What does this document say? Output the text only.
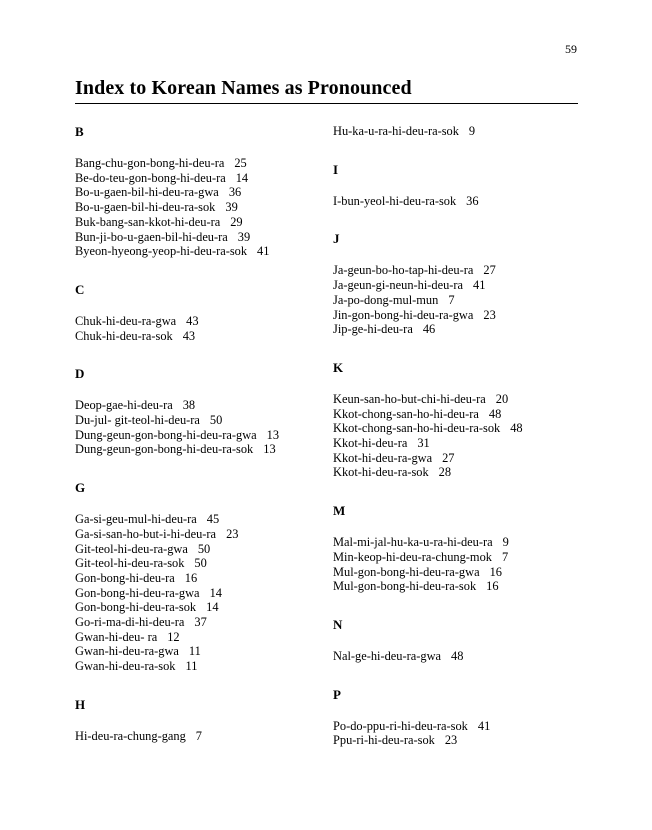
59
Index to Korean Names as Pronounced
B
Bang-chu-gon-bong-hi-deu-ra 25
Be-do-teu-gon-bong-hi-deu-ra 14
Bo-u-gaen-bil-hi-deu-ra-gwa 36
Bo-u-gaen-bil-hi-deu-ra-sok 39
Buk-bang-san-kkot-hi-deu-ra 29
Bun-ji-bo-u-gaen-bil-hi-deu-ra 39
Byeon-hyeong-yeop-hi-deu-ra-sok 41
C
Chuk-hi-deu-ra-gwa 43
Chuk-hi-deu-ra-sok 43
D
Deop-gae-hi-deu-ra 38
Du-jul- git-teol-hi-deu-ra 50
Dung-geun-gon-bong-hi-deu-ra-gwa 13
Dung-geun-gon-bong-hi-deu-ra-sok 13
G
Ga-si-geu-mul-hi-deu-ra 45
Ga-si-san-ho-but-i-hi-deu-ra 23
Git-teol-hi-deu-ra-gwa 50
Git-teol-hi-deu-ra-sok 50
Gon-bong-hi-deu-ra 16
Gon-bong-hi-deu-ra-gwa 14
Gon-bong-hi-deu-ra-sok 14
Go-ri-ma-di-hi-deu-ra 37
Gwan-hi-deu- ra 12
Gwan-hi-deu-ra-gwa 11
Gwan-hi-deu-ra-sok 11
H
Hi-deu-ra-chung-gang 7
Hu-ka-u-ra-hi-deu-ra-sok 9
I
I-bun-yeol-hi-deu-ra-sok 36
J
Ja-geun-bo-ho-tap-hi-deu-ra 27
Ja-geun-gi-neun-hi-deu-ra 41
Ja-po-dong-mul-mun 7
Jin-gon-bong-hi-deu-ra-gwa 23
Jip-ge-hi-deu-ra 46
K
Keun-san-ho-but-chi-hi-deu-ra 20
Kkot-chong-san-ho-hi-deu-ra 48
Kkot-chong-san-ho-hi-deu-ra-sok 48
Kkot-hi-deu-ra 31
Kkot-hi-deu-ra-gwa 27
Kkot-hi-deu-ra-sok 28
M
Mal-mi-jal-hu-ka-u-ra-hi-deu-ra 9
Min-keop-hi-deu-ra-chung-mok 7
Mul-gon-bong-hi-deu-ra-gwa 16
Mul-gon-bong-hi-deu-ra-sok 16
N
Nal-ge-hi-deu-ra-gwa 48
P
Po-do-ppu-ri-hi-deu-ra-sok 41
Ppu-ri-hi-deu-ra-sok 23
